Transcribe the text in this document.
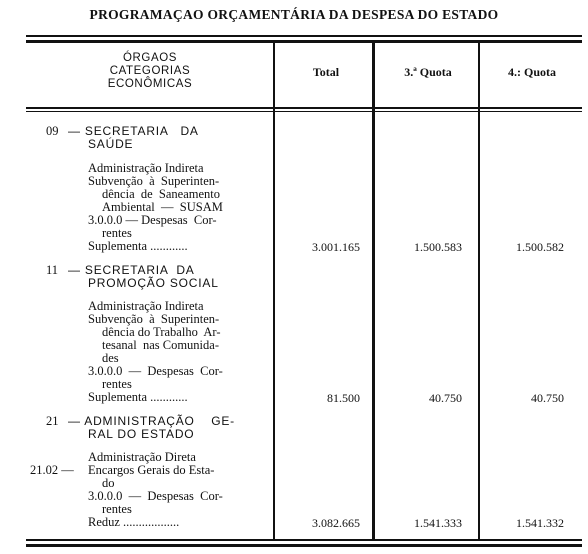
PROGRAMAÇAO ORÇAMENTÁRIA DA DESPESA DO ESTADO
ÓRGAOS
CATEGORIAS
ECONÔMICAS
Total	3.ª Quota	4.: Quota
09 — SECRETARIA   DA
SAÚDE
Administração Indireta
Subvenção  à  Superinten-
dência  de  Saneamento
Ambiental  —  SUSAM
3.0.0.0 — Despesas  Cor-
rentes
Suplementa ............	3.001.165	1.500.583	1.500.582
11 — SECRETARIA  DA
PROMOÇÃO SOCIAL
Administração Indireta
Subvenção  à  Superinten-
dência do Trabalho  Ar-
tesanal  nas Comunida-
des
3.0.0.0  —  Despesas  Cor-
rentes
Suplementa ............	81.500	40.750	40.750
21 — ADMINISTRAÇÃO    GE-
RAL DO ESTADO
Administração Direta
21.02 — Encargos Gerais do Esta-
do
3.0.0.0  —  Despesas  Cor-
rentes
Reduz ..................	3.082.665	1.541.333	1.541.332
